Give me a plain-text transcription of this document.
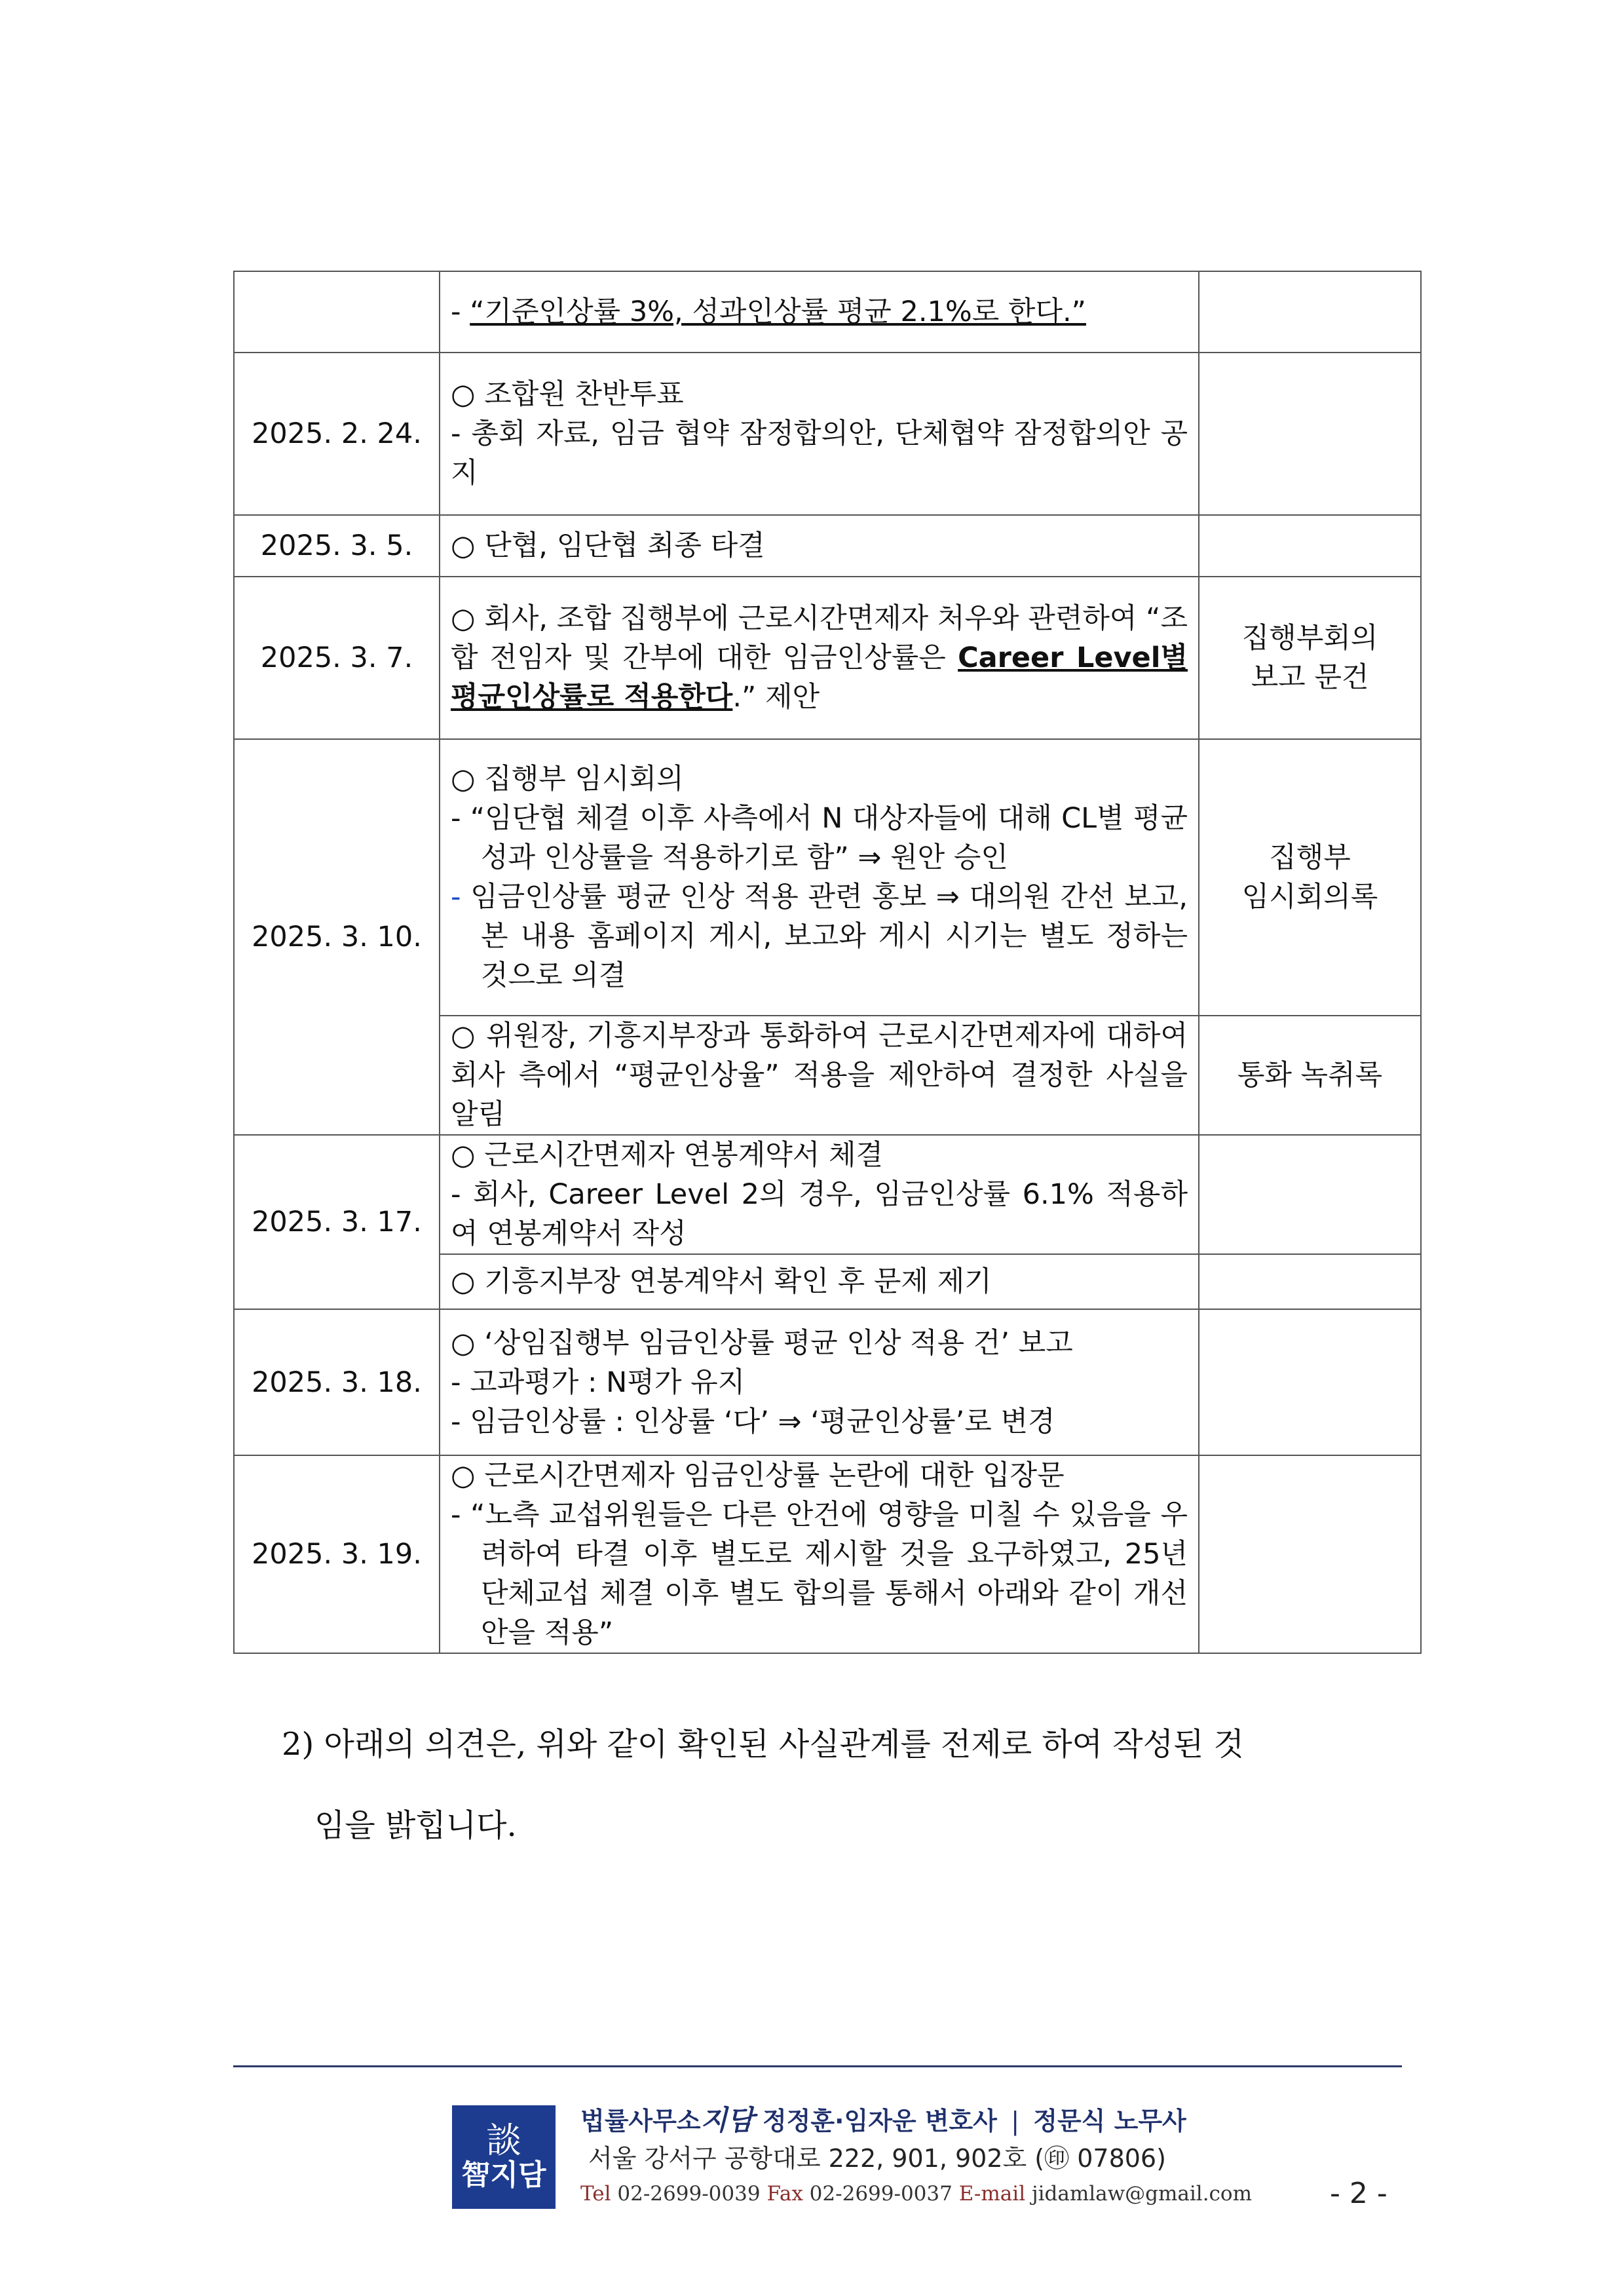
	- “기준인상률 3%, 성과인상률 평균 2.1%로 한다.”	

2025. 2. 24.	○ 조합원 찬반투표
- 총회 자료, 임금 협약 잠정합의안, 단체협약 잠정합의안 공지	

2025. 3. 5.	○ 단협, 임단협 최종 타결	

2025. 3. 7.	○ 회사, 조합 집행부에 근로시간면제자 처우와 관련하여 “조합 전임자 및 간부에 대한 임금인상률은 Career Level별 평균인상률로 적용한다.” 제안	집행부회의
보고 문건

2025. 3. 10.	○ 집행부 임시회의
- “임단협 체결 이후 사측에서 N 대상자들에 대해 CL별 평균 성과 인상률을 적용하기로 함” ⇒ 원안 승인
- 임금인상률 평균 인상 적용 관련 홍보 ⇒ 대의원 간선 보고, 본 내용 홈페이지 게시, 보고와 게시 시기는 별도 정하는 것으로 의결	집행부
임시회의록

	○ 위원장, 기흥지부장과 통화하여 근로시간면제자에 대하여 회사 측에서 “평균인상율” 적용을 제안하여 결정한 사실을 알림	통화 녹취록
2025. 3. 17.	○ 근로시간면제자 연봉계약서 체결
- 회사, Career Level 2의 경우, 임금인상률 6.1% 적용하여 연봉계약서 작성	

	○ 기흥지부장 연봉계약서 확인 후 문제 제기	

2025. 3. 18.	○ ‘상임집행부 임금인상률 평균 인상 적용 건’ 보고
- 고과평가 : N평가 유지
- 임금인상률 : 인상률 ‘다’ ⇒ ‘평균인상률’로 변경	

2025. 3. 19.	○ 근로시간면제자 임금인상률 논란에 대한 입장문
- “노측 교섭위원들은 다른 안건에 영향을 미칠 수 있음을 우려하여 타결 이후 별도로 제시할 것을 요구하였고, 25년 단체교섭 체결 이후 별도 합의를 통해서 아래와 같이 개선안을 적용”	

2) 아래의 의견은, 위와 같이 확인된 사실관계를 전제로 하여 작성된 것
임을 밝힙니다.
談
智지담
법률사무소지담 정정훈·임자운 변호사 | 정문식 노무사
서울 강서구 공항대로 222, 901, 902호 (㊞ 07806)
Tel 02-2699-0039 Fax 02-2699-0037 E-mail jidamlaw@gmail.com	- 2 -
